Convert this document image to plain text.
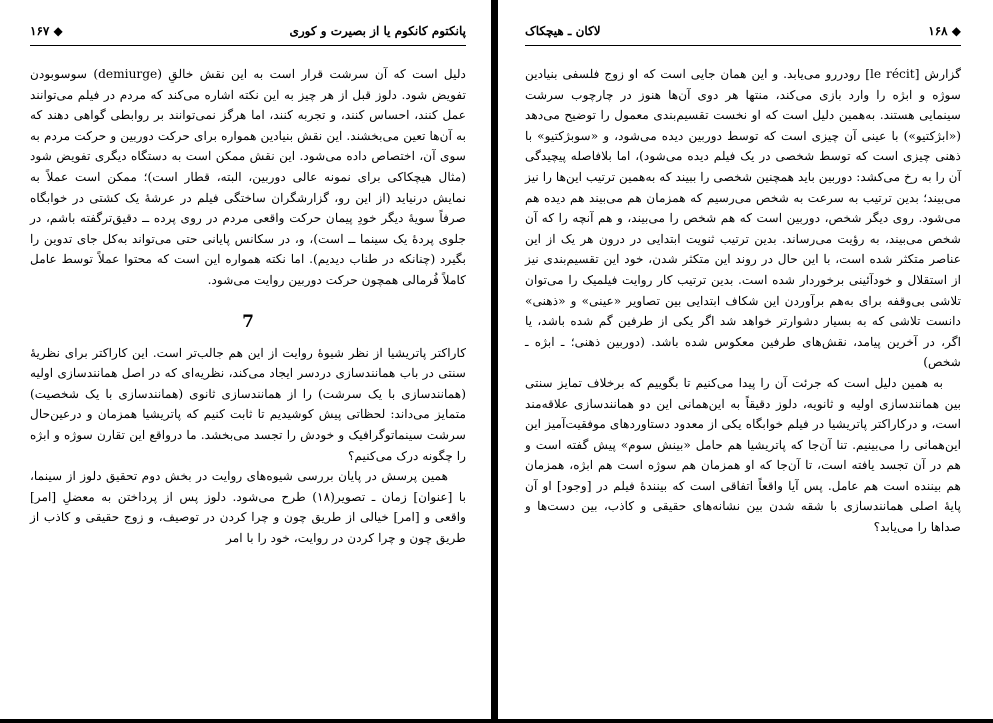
پانکتوم کانکوم یا از بصیرت و کوری
١۶٧ ◆

دلیل است که آن سرشت قرار است به این نقش خالقِ (demiurge) سوسوبودن تفویض شود. دلوز قبل از هر چیز به این نکته اشاره می‌کند که مردم در فیلم می‌توانند عمل کنند، احساس کنند، و تجربه کنند، اما هرگز نمی‌توانند بر روابطی گواهی دهند که به آن‌ها تعین می‌بخشند. این نقش بنیادین همواره برای حرکت دوربین و حرکت مردم به سوی آن، اختصاص داده می‌شود. این نقش ممکن است به دستگاه دیگری تفویض شود (مثال هیچکاکی برای نمونه عالی دوربین، البته، قطار است)؛ ممکن است عملاً به نمایش درنیاید (از این رو، گزارشگران ساختگی فیلم در عرشهٔ یک کشتی در خوابگاه صرفاً سویهٔ دیگر خودِ پیمان حرکت واقعی مردم در روی پرده ــ دقیق‌ترگفته باشم، در جلوی پردهٔ یک سینما ــ است)، و، در سکانس پایانی حتی می‌تواند به‌کل جای تدوین را بگیرد (چنانکه در طناب دیدیم). اما نکته همواره این است که محتوا عملاً توسط عامل کاملاً فُرمالی همچون حرکت دوربین روایت می‌شود.

7

کاراکتر پاتریشیا از نظر شیوهٔ روایت از این هم جالب‌تر است. این کاراکتر برای نظریهٔ سنتی در باب همانندسازی دردسر ایجاد می‌کند، نظریه‌ای که در اصل همانندسازی اولیه (همانندسازی با یک سرشت) را از همانندسازی ثانوی (همانندسازی با یک شخصیت) متمایز می‌داند: لحظاتی پیش کوشیدیم تا ثابت کنیم که پاتریشیا همزمان و درعین‌حال سرشت سینماتوگرافیک و خودش را تجسد می‌بخشد. ما درواقع این تقارن سوژه و ابژه را چگونه درک می‌کنیم؟

همین پرسش در پایان بررسی شیوه‌های روایت در بخش دوم تحقیق دلوز از سینما، با [عنوان] زمان ـ تصویر(۱۸) طرح می‌شود. دلوز پس از پرداختن به معضلِ [امر] واقعی و [امر] خیالی از طریق چون و چرا کردن در توصیف، و زوج حقیقی و کاذب از طریق چون و چرا کردن در روایت، خود را با امر

١۶٨ ◆
لاکان ـ هیچکاک

گزارش [le récit] رودررو می‌یابد. و این همان جایی است که او زوج فلسفی بنیادین سوژه و ابژه را وارد بازی می‌کند، منتها هر دوی آن‌ها هنوز در چارچوب سرشت سینمایی هستند. به‌همین دلیل است که او نخست تقسیم‌بندی معمول را توضیح می‌دهد («ابژکتیو») با عینی آن چیزی است که توسط دوربین دیده می‌شود، و «سوبژکتیو» با ذهنی چیزی است که توسط شخصی در یک فیلم دیده می‌شود)، اما بلافاصله پیچیدگی آن را به رخ می‌کشد: دوربین باید همچنین شخصی را ببیند که به‌همین ترتیب این‌ها را نیز می‌بیند؛ بدین ترتیب به سرعت به شخص می‌رسیم که همزمان هم می‌بیند هم دیده هم می‌شود. روی دیگر شخص، دوربین است که هم شخص را می‌بیند، و هم آنچه را که آن شخص می‌بیند، به رؤیت می‌رساند. بدین ترتیب ثنویت ابتدایی در درون هر یک از این عناصر متکثر شده است، با این حال در روند این متکثر شدن، خود این تقسیم‌بندی نیز از استقلال و خودآئینی برخوردار شده است. بدین ترتیب کار روایت فیلمیک را می‌توان تلاشی بی‌وقفه برای به‌هم برآوردن این شکاف ابتدایی بین تصاویر «عینی» و «ذهنی» دانست تلاشی که به بسیار دشوارتر خواهد شد اگر یکی از طرفین گم شده باشد، یا اگر، در آخرین پیامد، نقش‌های طرفین معکوس شده باشد. (دوربین ذهنی؛ ـ ابژه ـ شخص)

به همین دلیل است که جرئت آن را پیدا می‌کنیم تا بگوییم که برخلاف تمایز سنتی بین همانندسازی اولیه و ثانویه، دلوز دقیقاً به این‌همانی این دو همانندسازی علاقه‌مند است، و درکاراکتر پاتریشیا در فیلم خوابگاه یکی از معدود دستاوردهای موفقیت‌آمیز این این‌همانی را می‌بینیم. تنا آن‌جا که پاتریشیا هم حامل «بینش سوم» پیش گفته است و هم در آن تجسد یافته است، تا آن‌جا که او همزمان هم سوژه است هم ابژه، همزمان هم بیننده است هم عامل. پس آیا واقعاً اتفاقی است که بینندهٔ فیلم در [وجود] او آن پایهٔ اصلی همانندسازی با شقه شدن بین نشانه‌های حقیقی و کاذب، بین دست‌ها و صداها را می‌یابد؟
